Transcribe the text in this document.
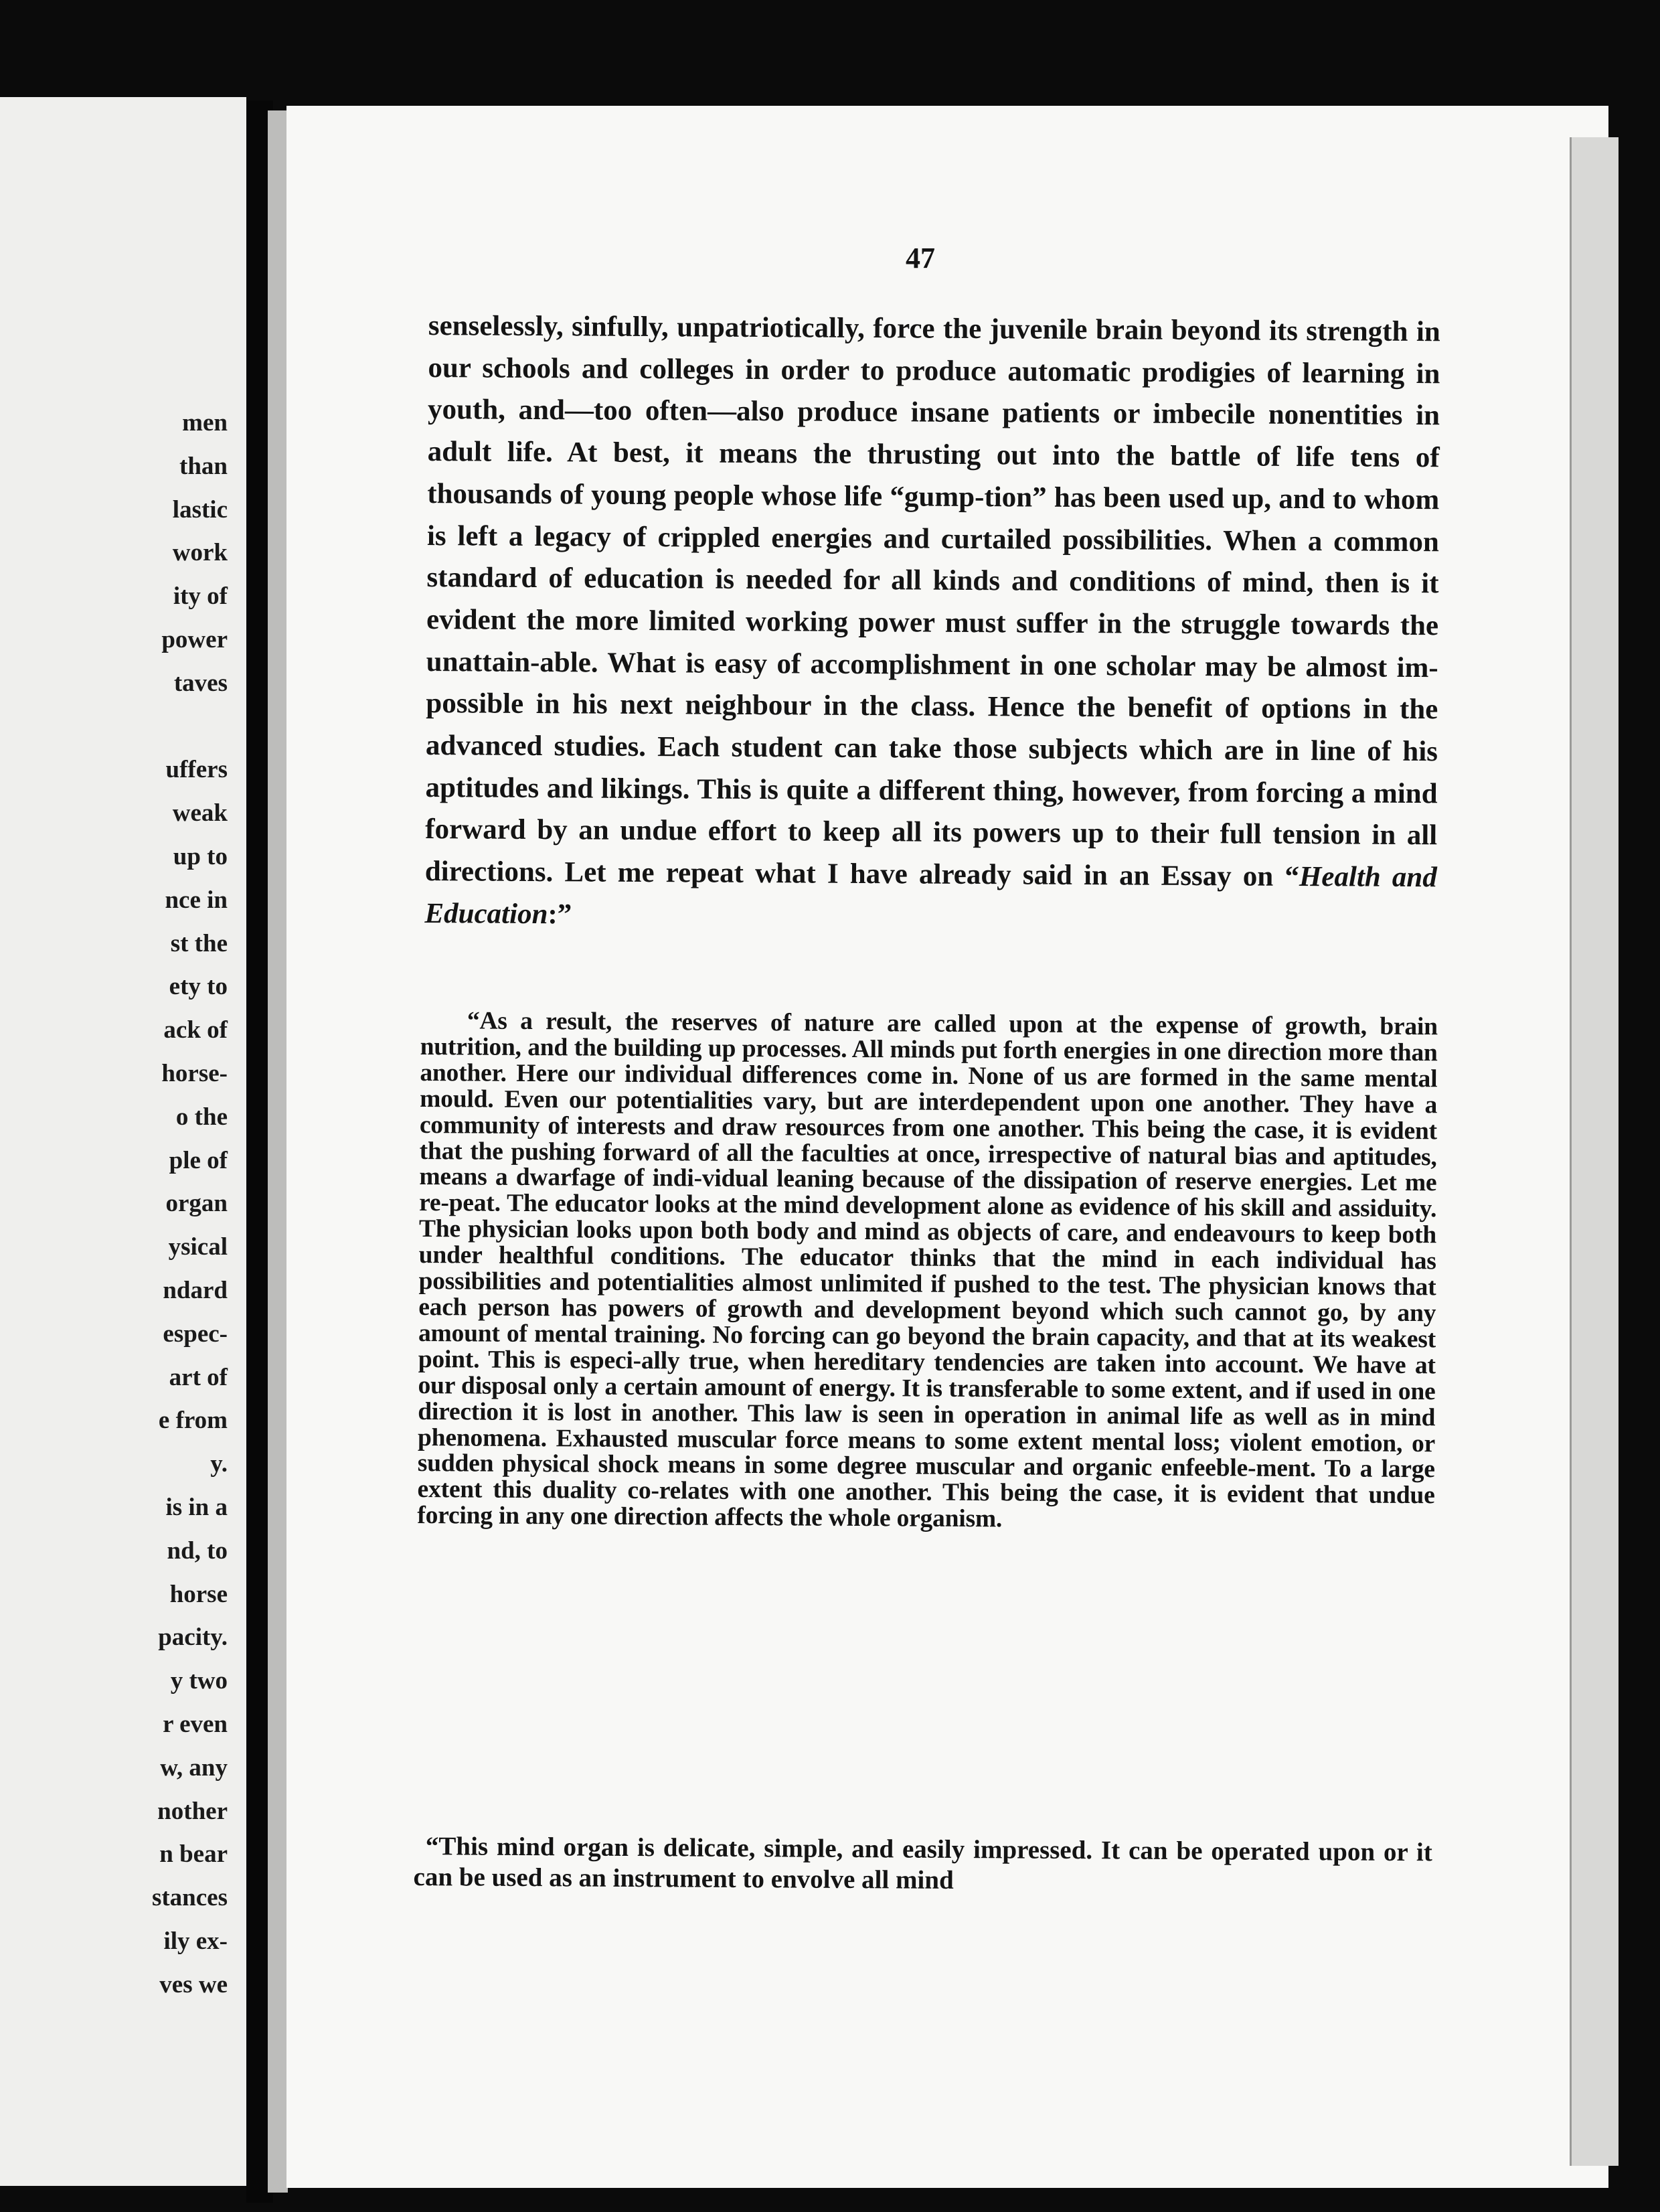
men
than
lastic
work
ity of
power
taves
uffers
weak
up to
nce in
st the
ety to
ack of
horse-
o the
ple of
organ
ysical
ndard
espec-
art of
e from
y.
is in a
nd, to
horse
pacity.
y two
r even
w, any
nother
n bear
stances
ily ex-
ves we
47

senselessly, sinfully, unpatriotically, force the juvenile brain beyond its strength in our schools and colleges in order to produce automatic prodigies of learning in youth, and—too often—also produce insane patients or imbecile nonentities in adult life. At best, it means the thrusting out into the battle of life tens of thousands of young people whose life “gump-tion” has been used up, and to whom is left a legacy of crippled energies and curtailed possibilities. When a common standard of education is needed for all kinds and conditions of mind, then is it evident the more limited working power must suffer in the struggle towards the unattain-able. What is easy of accomplishment in one scholar may be almost im-possible in his next neighbour in the class. Hence the benefit of options in the advanced studies. Each student can take those subjects which are in line of his aptitudes and likings. This is quite a different thing, however, from forcing a mind forward by an undue effort to keep all its powers up to their full tension in all directions. Let me repeat what I have already said in an Essay on “Health and Education:”

“As a result, the reserves of nature are called upon at the expense of growth, brain nutrition, and the building up processes. All minds put forth energies in one direction more than another. Here our individual differences come in. None of us are formed in the same mental mould. Even our potentialities vary, but are interdependent upon one another. They have a community of interests and draw resources from one another. This being the case, it is evident that the pushing forward of all the faculties at once, irrespective of natural bias and aptitudes, means a dwarfage of indi-vidual leaning because of the dissipation of reserve energies. Let me re-peat. The educator looks at the mind development alone as evidence of his skill and assiduity. The physician looks upon both body and mind as objects of care, and endeavours to keep both under healthful conditions. The educator thinks that the mind in each individual has possibilities and potentialities almost unlimited if pushed to the test. The physician knows that each person has powers of growth and development beyond which such cannot go, by any amount of mental training. No forcing can go beyond the brain capacity, and that at its weakest point. This is especi-ally true, when hereditary tendencies are taken into account. We have at our disposal only a certain amount of energy. It is transferable to some extent, and if used in one direction it is lost in another. This law is seen in operation in animal life as well as in mind phenomena. Exhausted muscular force means to some extent mental loss; violent emotion, or sudden physical shock means in some degree muscular and organic enfeeble-ment. To a large extent this duality co-relates with one another. This being the case, it is evident that undue forcing in any one direction affects the whole organism.

“This mind organ is delicate, simple, and easily impressed. It can be operated upon or it can be used as an instrument to envolve all mind
